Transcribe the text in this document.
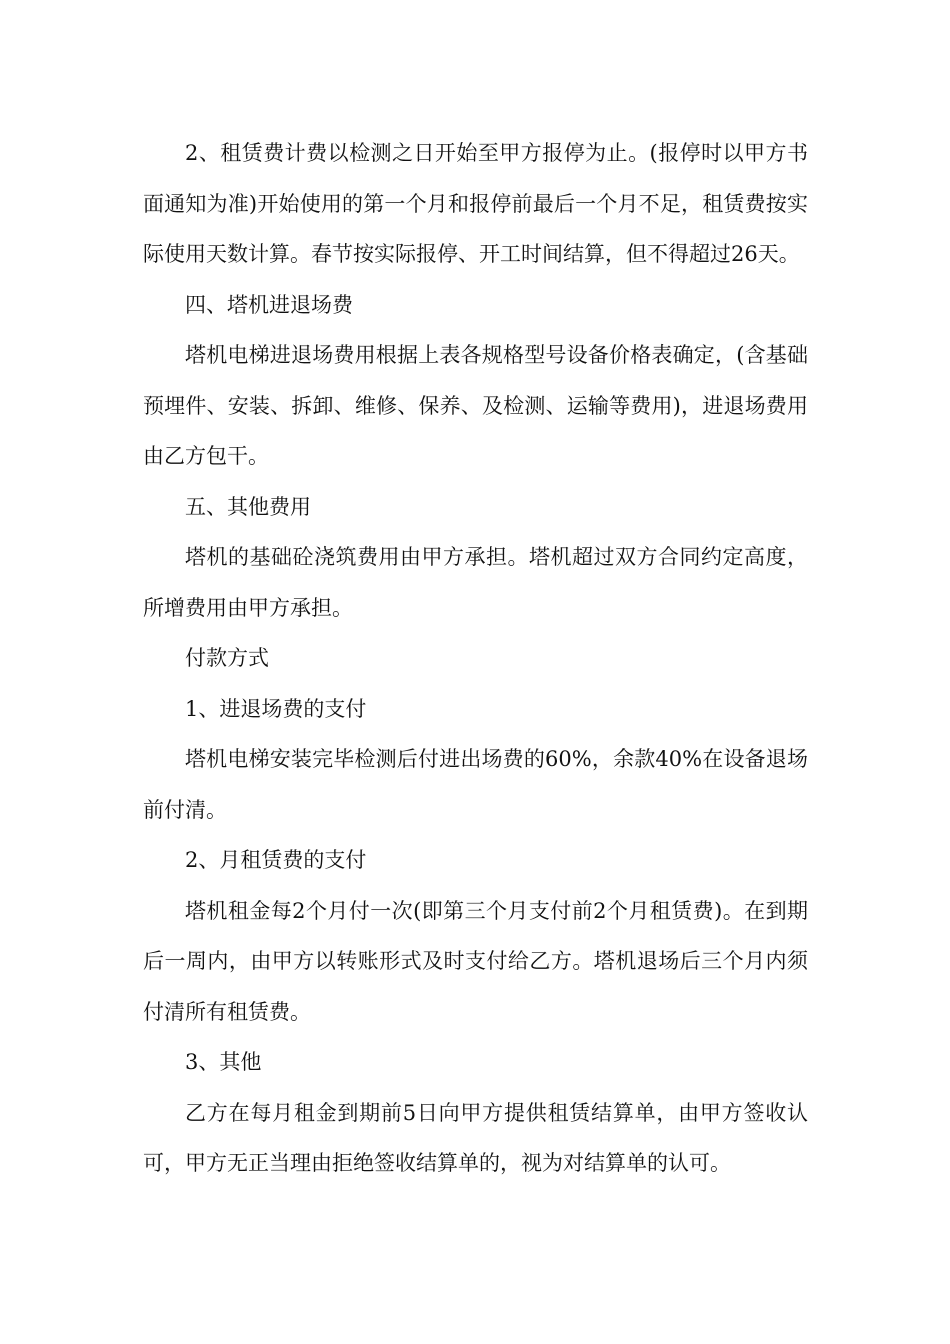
2、租赁费计费以检测之日开始至甲方报停为止。(报停时以甲方书面通知为准)开始使用的第一个月和报停前最后一个月不足，租赁费按实际使用天数计算。春节按实际报停、开工时间结算，但不得超过26天。

四、塔机进退场费

塔机电梯进退场费用根据上表各规格型号设备价格表确定，(含基础预埋件、安装、拆卸、维修、保养、及检测、运输等费用)，进退场费用由乙方包干。

五、其他费用

塔机的基础砼浇筑费用由甲方承担。塔机超过双方合同约定高度，所增费用由甲方承担。

付款方式

1、进退场费的支付

塔机电梯安装完毕检测后付进出场费的60%，余款40%在设备退场前付清。

2、月租赁费的支付

塔机租金每2个月付一次(即第三个月支付前2个月租赁费)。在到期后一周内，由甲方以转账形式及时支付给乙方。塔机退场后三个月内须付清所有租赁费。

3、其他

乙方在每月租金到期前5日向甲方提供租赁结算单，由甲方签收认可，甲方无正当理由拒绝签收结算单的，视为对结算单的认可。
